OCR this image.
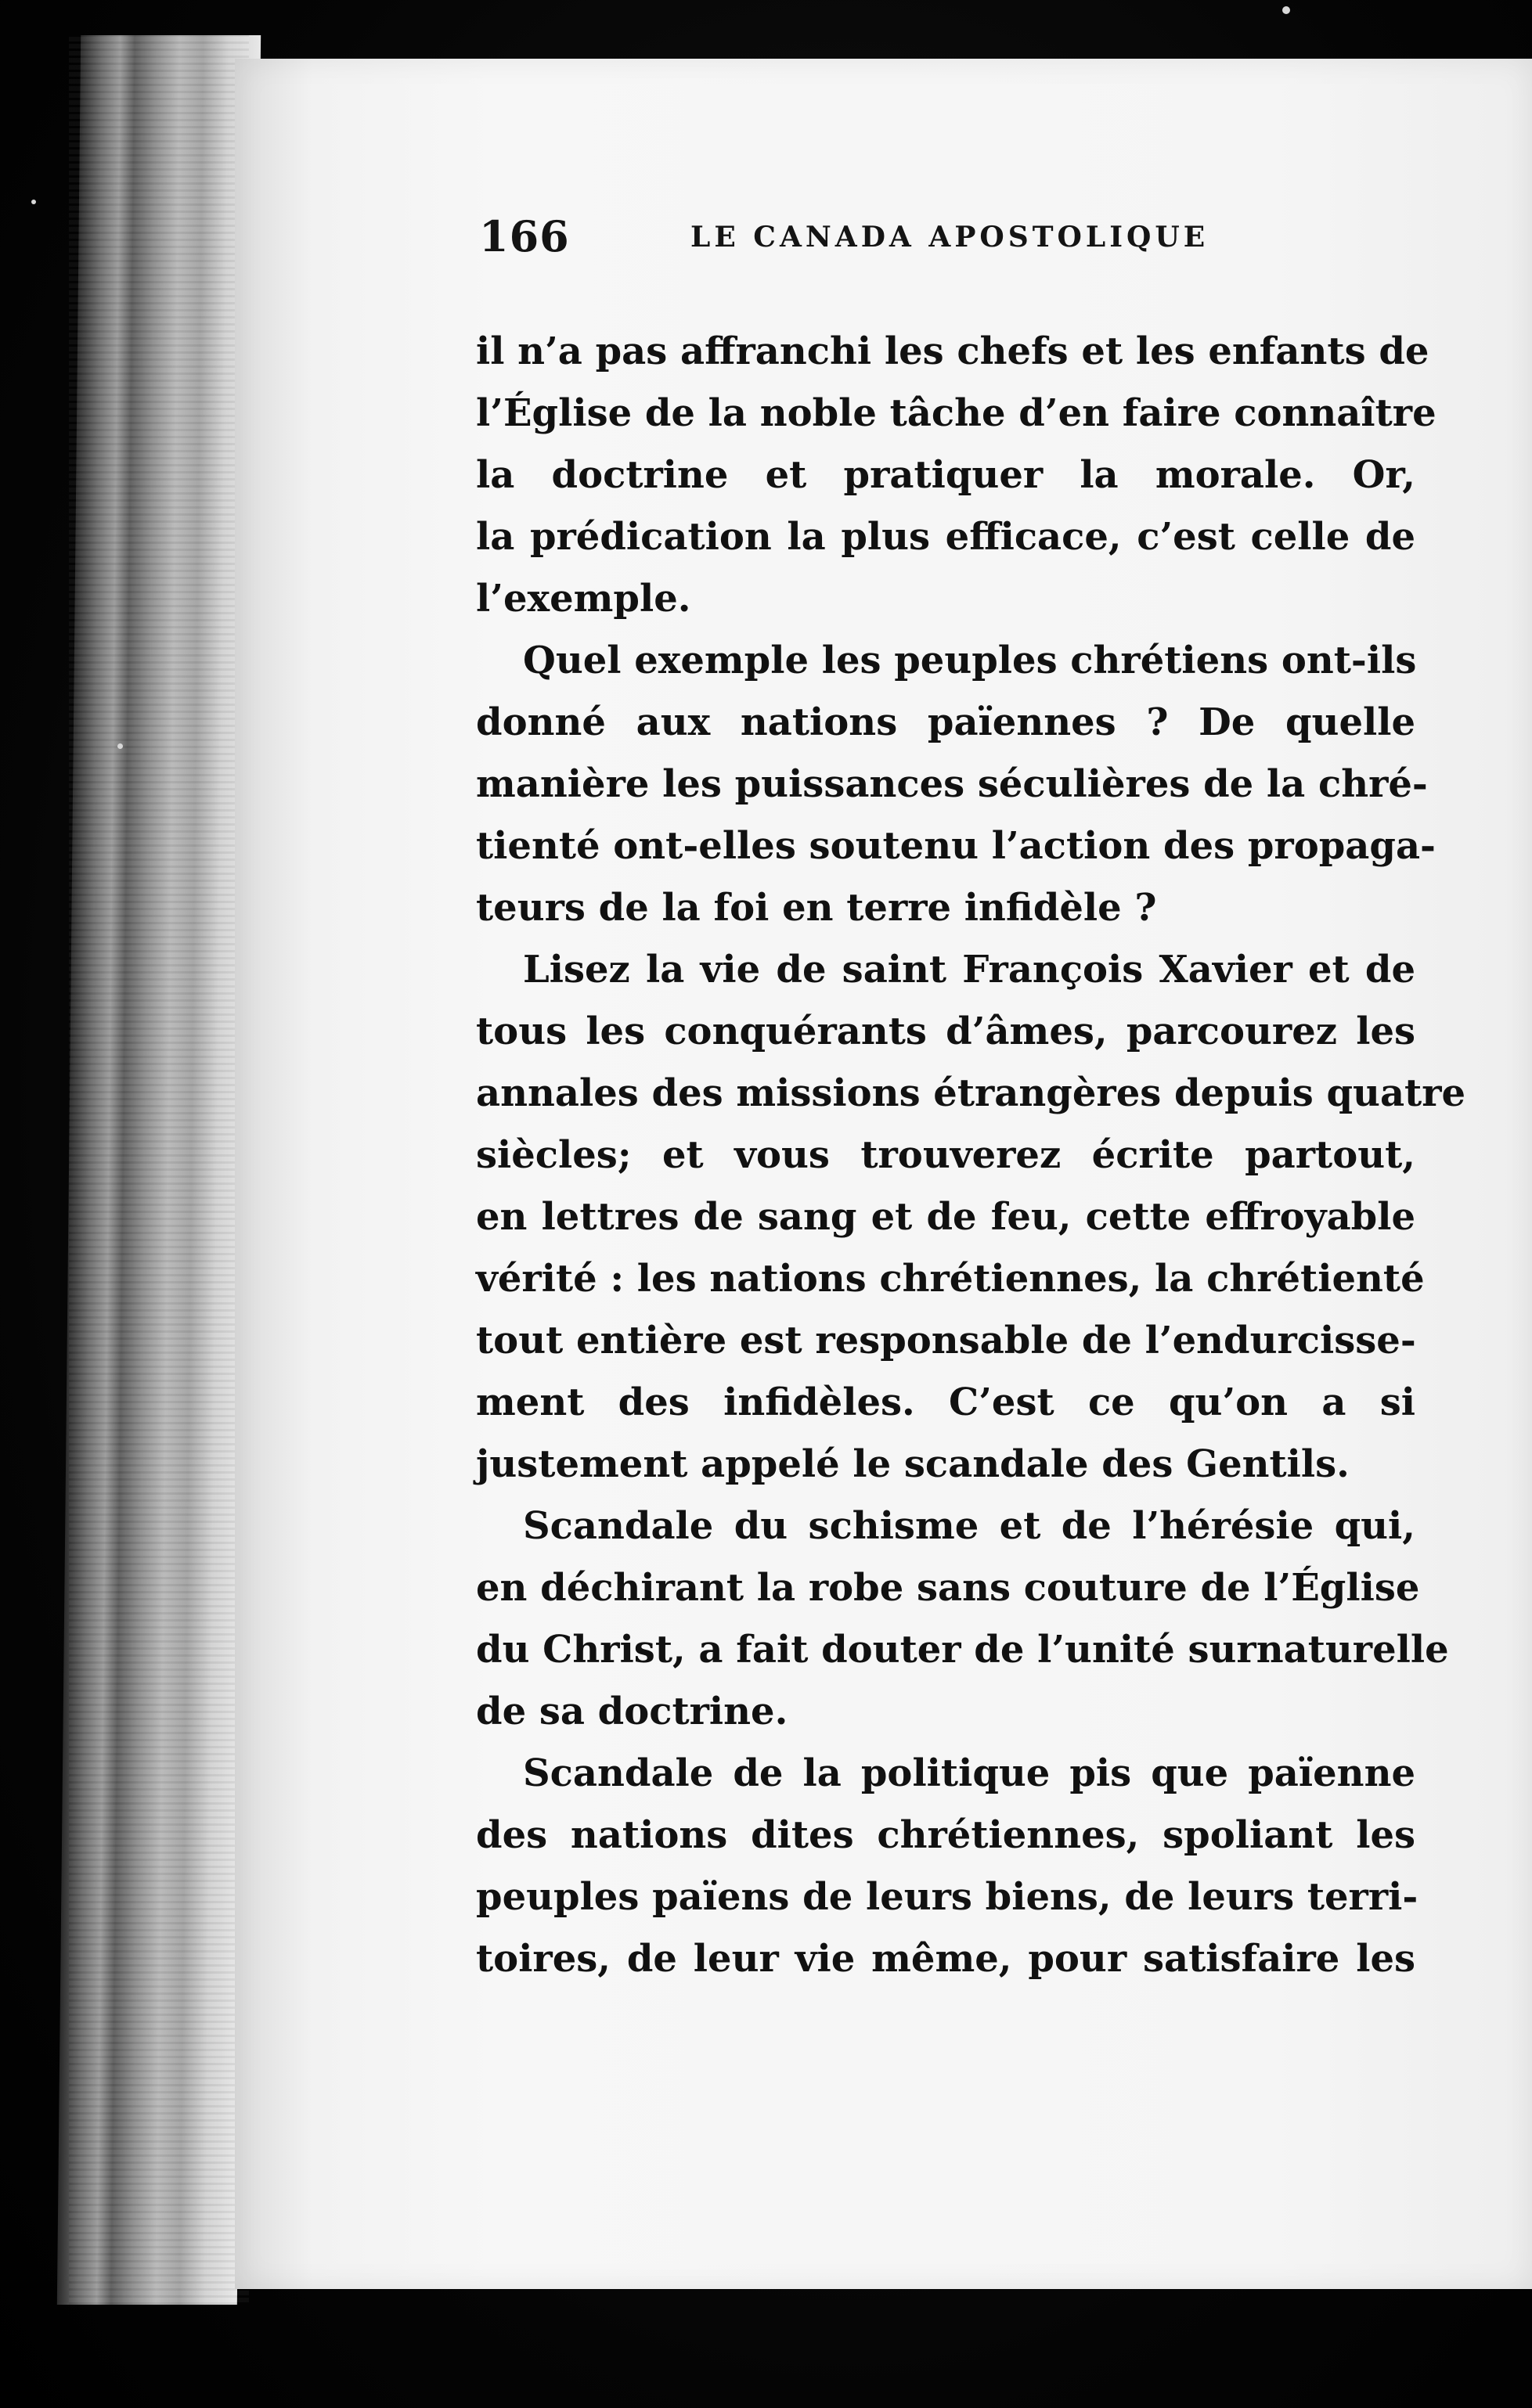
166	LE CANADA APOSTOLIQUE
il n’a pas affranchi les chefs et les enfants de
l’Église de la noble tâche d’en faire connaître
la doctrine et pratiquer la morale. Or,
la prédication la plus efficace, c’est celle de
l’exemple.
Quel exemple les peuples chrétiens ont-ils
donné aux nations païennes ? De quelle
manière les puissances séculières de la chré-
tienté ont-elles soutenu l’action des propaga-
teurs de la foi en terre infidèle ?
Lisez la vie de saint François Xavier et de
tous les conquérants d’âmes, parcourez les
annales des missions étrangères depuis quatre
siècles; et vous trouverez écrite partout,
en lettres de sang et de feu, cette effroyable
vérité : les nations chrétiennes, la chrétienté
tout entière est responsable de l’endurcisse-
ment des infidèles. C’est ce qu’on a si
justement appelé le scandale des Gentils.
Scandale du schisme et de l’hérésie qui,
en déchirant la robe sans couture de l’Église
du Christ, a fait douter de l’unité surnaturelle
de sa doctrine.
Scandale de la politique pis que païenne
des nations dites chrétiennes, spoliant les
peuples païens de leurs biens, de leurs terri-
toires, de leur vie même, pour satisfaire les
